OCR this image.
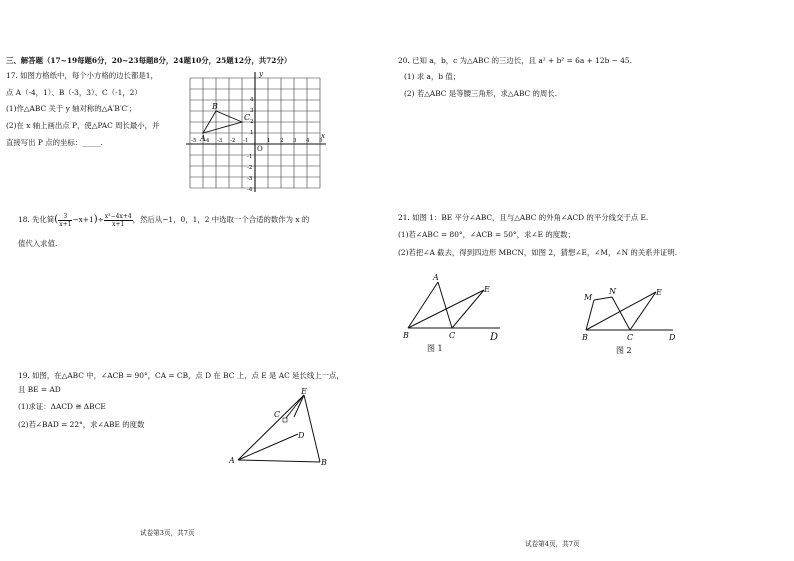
三、解答题（17~19每题6分，20~23每题8分，24题10分，25题12分，共72分）
17. 如图方格纸中，每个小方格的边长都是1，
点 A（-4，1）、B（-3，3）、C（-1，2）
(1)作△ABC 关于 y 轴对称的△A′B′C′；
(2)在 x 轴上画出点 P，使△PAC 周长最小，并
直接写出 P 点的坐标：_____.
y
x
O
-5 -4 -3 -2 -1	1 2 3 4 5
4
3
2
1
-1
-2
-3
-4
B
C
A
18. 先化简( $\frac{3}{x+1} -x+1)\div \frac{\text{x²−4x+4}}{x+1}$ ，然后从−1，0，1，2 中选取一个合适的数作为 x 的
值代入求值.
19. 如图，在△ABC 中，∠ACB = 90°，CA = CB，点 D 在 BC 上，点 E 是 AC 延长线上一点，
且 BE = AD
(1)求证：ΔACD ≅ ΔBCE
(2)若∠BAD = 22°，求∠ABE 的度数
E
C
D
A	B
试卷第3页，共7页
20. 已知 a，b，c 为△ABC 的三边长，且 a² + b² = 6a + 12b − 45.
(1) 求 a，b 值；
(2) 若△ABC 是等腰三角形，求△ABC 的周长.
21. 如图 1：BE 平分∠ABC，且与△ABC 的外角∠ACD 的平分线交于点 E.
(1)若∠ABC = 80°，∠ACB = 50°，求∠E 的度数；
(2)若把∠A 截去，得到四边形 MBCN，如图 2，猜想∠E，∠M，∠N 的关系并证明.
A
E
B	C	D
图 1
M
N	E
B	C	D
图 2
试卷第4页，共7页
